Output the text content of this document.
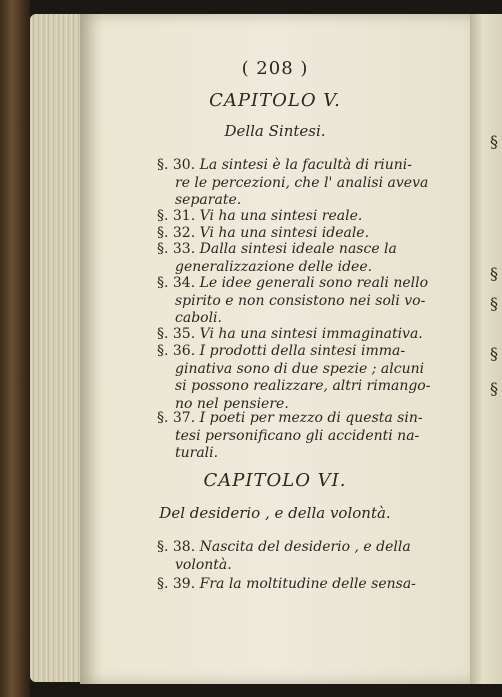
§
§
§
§
§
( 208 )
CAPITOLO V.
Della Sintesi.
§. 30. La sintesi è la facultà di riuni-
re le percezioni, che l' analisi aveva
separate.
§. 31. Vi ha una sintesi reale.
§. 32. Vi ha una sintesi ideale.
§. 33. Dalla sintesi ideale nasce la
generalizzazione delle idee.
§. 34. Le idee generali sono reali nello
spirito e non consistono nei soli vo-
caboli.
§. 35. Vi ha una sintesi immaginativa.
§. 36. I prodotti della sintesi imma-
ginativa sono di due spezie ; alcuni
si possono realizzare, altri rimango-
no nel pensiere.
§. 37. I poeti per mezzo di questa sin-
tesi personificano gli accidenti na-
turali.
CAPITOLO VI.
Del desiderio , e della volontà.
§. 38. Nascita del desiderio , e della
volontà.
§. 39. Fra la moltitudine delle sensa-
